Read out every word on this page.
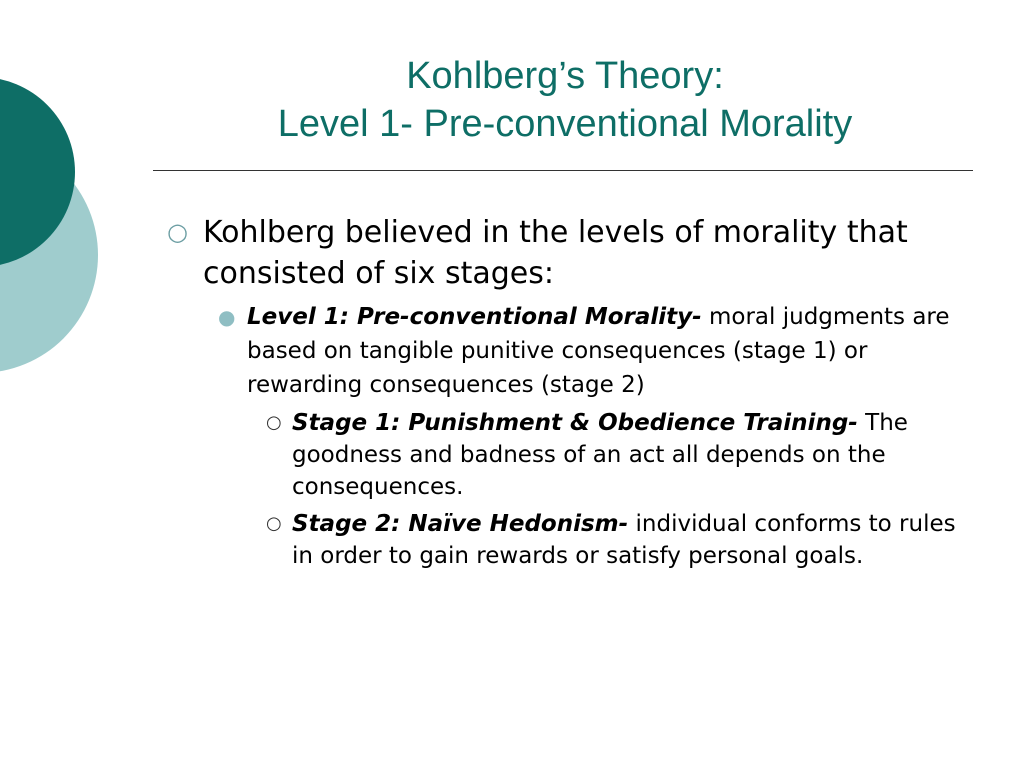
Kohlberg’s Theory:
Level 1- Pre-conventional Morality
○ Kohlberg believed in the levels of morality that consisted of six stages:
● Level 1: Pre-conventional Morality- moral judgments are based on tangible punitive consequences (stage 1) or rewarding consequences (stage 2)
○ Stage 1: Punishment & Obedience Training- The goodness and badness of an act all depends on the consequences.
○ Stage 2: Naïve Hedonism- individual conforms to rules in order to gain rewards or satisfy personal goals.
